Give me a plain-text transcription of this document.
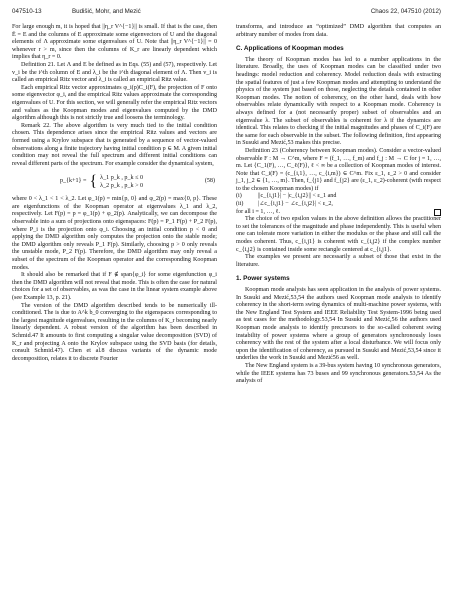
047510-13	Budišić, Mohr, and Mezić	Chaos 22, 047510 (2012)

For large enough m, it is hoped that ||η_r V^{−1}|| is small. If that is the case, then Ē = E and the columns of E approximate some eigenvectors of U and the diagonal elements of Λ approximate some eigenvalues of U. Note that ||η_r V^{−1}|| = 0 whenever r > m, since then the columns of K_r are linearly dependent which implies that η_r = 0.

Definition 21. Let Λ and E be defined as in Eqs. (55) and (57), respectively. Let v_i be the i^th column of E and λ_i be the i^th diagonal element of Λ. Then v_i is called an empirical Ritz vector and λ_i is called an empirical Ritz value.

Each empirical Ritz vector approximates φ_i(p)C_i(F), the projection of F onto some eigenvector φ_i, and the empirical Ritz values approximate the corresponding eigenvalues of U. For this section, we will generally refer the empirical Ritz vectors and values as the Koopman modes and eigenvalues computed by the DMD algorithm although this is not strictly true and loosens the terminology.

Remark 22. The above algorithm is very much tied to the initial condition chosen. This dependence arises since the empirical Ritz values and vectors are formed using a Krylov subspace that is generated by a sequence of vector-valued observations along a finite trajectory having initial condition p ∈ M. A given initial condition may not reveal the full spectrum and different initial conditions can reveal different parts of the spectrum. For example consider the dynamical system,

p_{k+1} = { λ_1 p_k , p_k ≤ 0
λ_2 p_k , p_k > 0
(58)

where 0 < λ_1 < 1 < λ_2. Let φ_1(p) = min{p, 0} and φ_2(p) = max{0, p}. These are eigenfunctions of the Koopman operator at eigenvalues λ_1 and λ_2, respectively. Let F(p) = p = φ_1(p) + φ_2(p). Analytically, we can decompose the observable into a sum of projections onto eigenspaces: F(p) = P_1 F(p) + P_2 F(p), where P_i is the projection onto φ_i. Choosing an initial condition p < 0 and applying the DMD algorithm only computes the projection onto the stable mode; the DMD algorithm only reveals P_1 F(p). Similarly, choosing p > 0 only reveals the unstable mode, P_2 F(p). Therefore, the DMD algorithm may only reveal a subset of the spectrum of the Koopman operator and the corresponding Koopman modes.

It should also be remarked that if F ∉ span{φ_i} for some eigenfunction φ_i then the DMD algorithm will not reveal that mode. This is often the case for natural choices for a set of observables, as was the case in the linear system example above (see Example 13, p. 21).

The version of the DMD algorithm described tends to be numerically ill-conditioned. The is due to A^k b_0 converging to the eigenspaces corresponding to the largest magnitude eigenvalues, resulting in the columns of K_r becoming nearly linearly dependent. A robust version of the algorithm has been described in Schmid.47 It amounts to first computing a singular value decomposition (SVD) of K_r and projecting A onto the Krylov subspace using the SVD basis (for details, consult Schmid.47). Chen et al.8 discuss variants of the dynamic mode decomposition, relates it to discrete Fourier

transforms, and introduce an “optimized” DMD algorithm that computes an arbitrary number of modes from data.

C. Applications of Koopman modes

The theory of Koopman modes has led to a number applications in the literature. Broadly, the uses of Koopman modes can be classified under two headings: model reduction and coherency. Model reduction deals with extracting the spatial features of just a few Koopman modes and attempting to understand the physics of the system just based on those, neglecting the details contained in other Koopman modes. The notion of coherency, on the other hand, deals with how observables relate dynamically with respect to a Koopman mode. Coherency is always defined for a (not necessarily proper) subset of observables and an eigenvalue λ. The subset of observables is coherent for λ if the dynamics are identical. This relates to checking if the initial magnitudes and phases of C_i(F) are the same for each observable in the subset. The following definition, first appearing in Susuki and Mezić,53 makes this precise.

Definition 23 (Coherency between Koopman modes). Consider a vector-valued observable F : M → C^m, where F = (f_1, …, f_m) and f_j : M → C for j = 1, …, m. Let {C_1(F), …, C_ℓ(F)}, ℓ < ∞ be a collection of Koopman modes of interest. Note that C_i(F) = (c_{i,1}, …, c_{i,m}) ∈ C^m. Fix ε_1, ε_2 > 0 and consider j_1, j_2 ∈ {1, …, m}. Then, f_{j1} and f_{j2} are (ε_1, ε_2)-coherent (with respect to the chosen Koopman modes) if

(i)	||c_{i,j1}| − |c_{i,j2}|| < ε_1 and
(ii)	|∠c_{i,j1} − ∠c_{i,j2}| < ε_2,

for all i = 1, …, ℓ.

The choice of two epsilon values in the above definition allows the practitioner to set the tolerances of the magnitude and phase independently. This is useful when one can tolerate more variation in either the modulus or the phase and still call the modes coherent. Thus, c_{i,j1} is coherent with c_{i,j2} if the complex number c_{i,j2} is contained inside some rectangle centered at c_{i,j1}.

The examples we present are necessarily a subset of those that exist in the literature.

1. Power systems

Koopman mode analysis has seen application in the analysis of power systems. In Susuki and Mezić,53,54 the authors used Koopman mode analysis to identify coherency in the short-term swing dynamics of multi-machine power systems, with the New England Test System and IEEE Reliability Test System-1996 being used as test cases for the methodology.53,54 In Susuki and Mezić,56 the authors used Koopman mode analysis to identify precursors to the so-called coherent swing instability of power systems where a group of generators synchronously loses coherency with the rest of the system after a local disturbance. We will focus only upon the identification of coherency, as pursued in Susuki and Mezić,53,54 since it underlies the work in Susuki and Mezić56 as well.

The New England system is a 39-bus system having 10 synchronous generators, while the IEEE systems has 73 buses and 99 synchronous generators.53,54 As the analysis of
